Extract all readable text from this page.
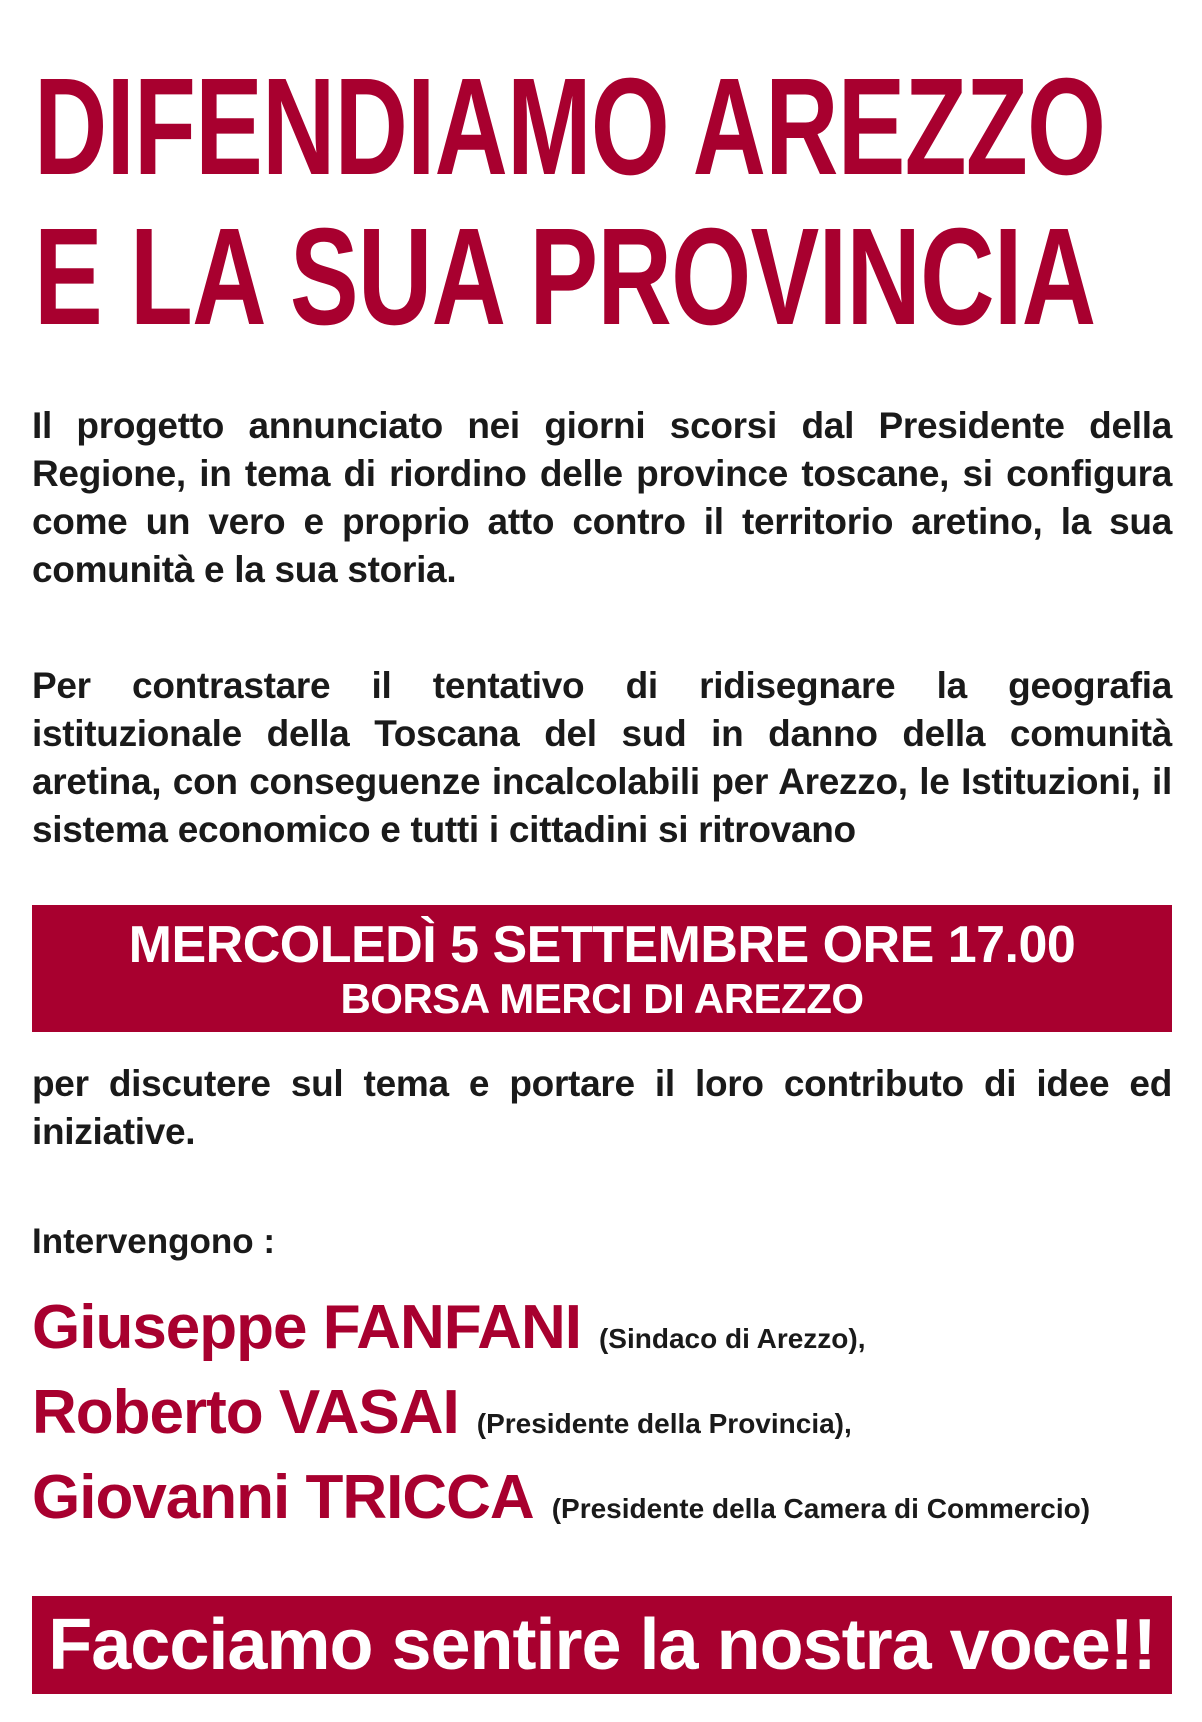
DIFENDIAMO AREZZO
E LA SUA PROVINCIA

Il progetto annunciato nei giorni scorsi dal Presidente della Regione, in tema di riordino delle province toscane, si configura come un vero e proprio atto contro il territorio aretino, la sua comunità e la sua storia.

Per contrastare il tentativo di ridisegnare la geografia istituzionale della Toscana del sud in danno della comunità aretina, con conseguenze incalcolabili per Arezzo, le Istituzioni, il sistema economico e tutti i cittadini si ritrovano

MERCOLEDÌ 5 SETTEMBRE ORE 17.00
BORSA MERCI DI AREZZO

per discutere sul tema e portare il loro contributo di idee ed iniziative.

Intervengono :

Giuseppe FANFANI (Sindaco di Arezzo),
Roberto VASAI (Presidente della Provincia),
Giovanni TRICCA (Presidente della Camera di Commercio)
Facciamo sentire la nostra voce!!
